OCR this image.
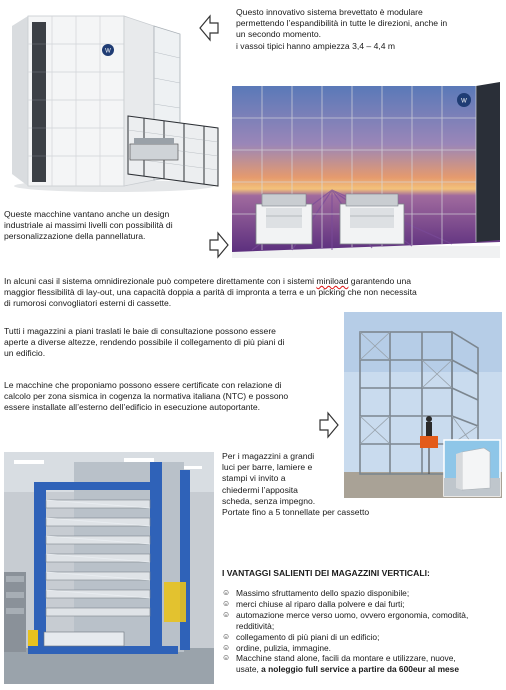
W
Questo innovativo sistema brevettato è modulare
permettendo l’espandibilità in tutte le direzioni, anche in
un secondo momento.
i vassoi tipici hanno ampiezza 3,4 – 4,4 m
W
Queste macchine vantano anche un design
industriale ai massimi livelli con possibilità di
personalizzazione della pannellatura.
In alcuni casi il sistema omnidirezionale può competere direttamente con i sistemi miniload garantendo una
maggior flessibilità di lay-out, una capacità doppia a parità di impronta a terra e un picking che non necessita
di rumorosi convogliatori esterni di cassette.
Tutti i magazzini a piani traslati le baie di consultazione possono essere
aperte a diverse altezze, rendendo possibile il collegamento di più piani di
un edificio.
Le macchine che proponiamo possono essere certificate con relazione di
calcolo per zona sismica in cogenza la normativa italiana (NTC) e possono
essere installate all’esterno dell’edificio in esecuzione autoportante.
Per i magazzini a grandi
luci per barre, lamiere e
stampi vi invito a
chiedermi l’apposita
scheda, senza impegno.
Portate fino a 5 tonnellate per cassetto
I VANTAGGI SALIENTI DEI MAGAZZINI VERTICALI:
☺ Massimo sfruttamento dello spazio disponibile;
☺ merci chiuse al riparo dalla polvere e dai furti;
☺ automazione merce verso uomo, ovvero ergonomia, comodità,
redditività;
☺ collegamento di più piani di un edificio;
☺ ordine, pulizia, immagine.
☺ Macchine stand alone, facili da montare e utilizzare, nuove,
usate, a noleggio full service a partire da 600eur al mese
